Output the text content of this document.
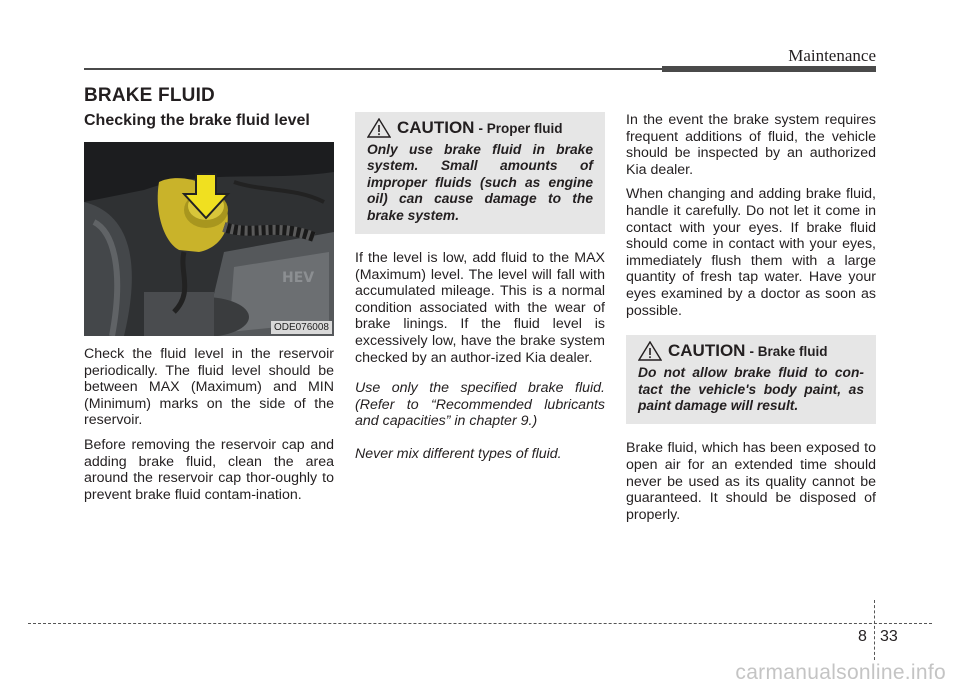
Maintenance
BRAKE FLUID
Checking the brake fluid level
HEV
ODE076008

Check the fluid level in the reservoir periodically. The fluid level should be between MAX (Maximum) and MIN (Minimum) marks on the side of the reservoir.

Before removing the reservoir cap and adding brake fluid, clean the area around the reservoir cap thor-oughly to prevent brake fluid contam-ination.

CAUTION - Proper fluid

Only use brake fluid in brake system. Small amounts of improper fluids (such as engine oil) can cause damage to the brake system.

If the level is low, add fluid to the MAX (Maximum) level. The level will fall with accumulated mileage. This is a normal condition associated with the wear of brake linings. If the fluid level is excessively low, have the brake system checked by an author-ized Kia dealer.

Use only the specified brake fluid. (Refer to “Recommended lubricants and capacities” in chapter 9.)

Never mix different types of fluid.

In the event the brake system requires frequent additions of fluid, the vehicle should be inspected by an authorized Kia dealer.

When changing and adding brake fluid, handle it carefully. Do not let it come in contact with your eyes. If brake fluid should come in contact with your eyes, immediately flush them with a large quantity of fresh tap water. Have your eyes examined by a doctor as soon as possible.

CAUTION - Brake fluid

Do not allow brake fluid to con-tact the vehicle's body paint, as paint damage will result.

Brake fluid, which has been exposed to open air for an extended time should never be used as its quality cannot be guaranteed. It should be disposed of properly.

8 33
carmanualsonline.info
